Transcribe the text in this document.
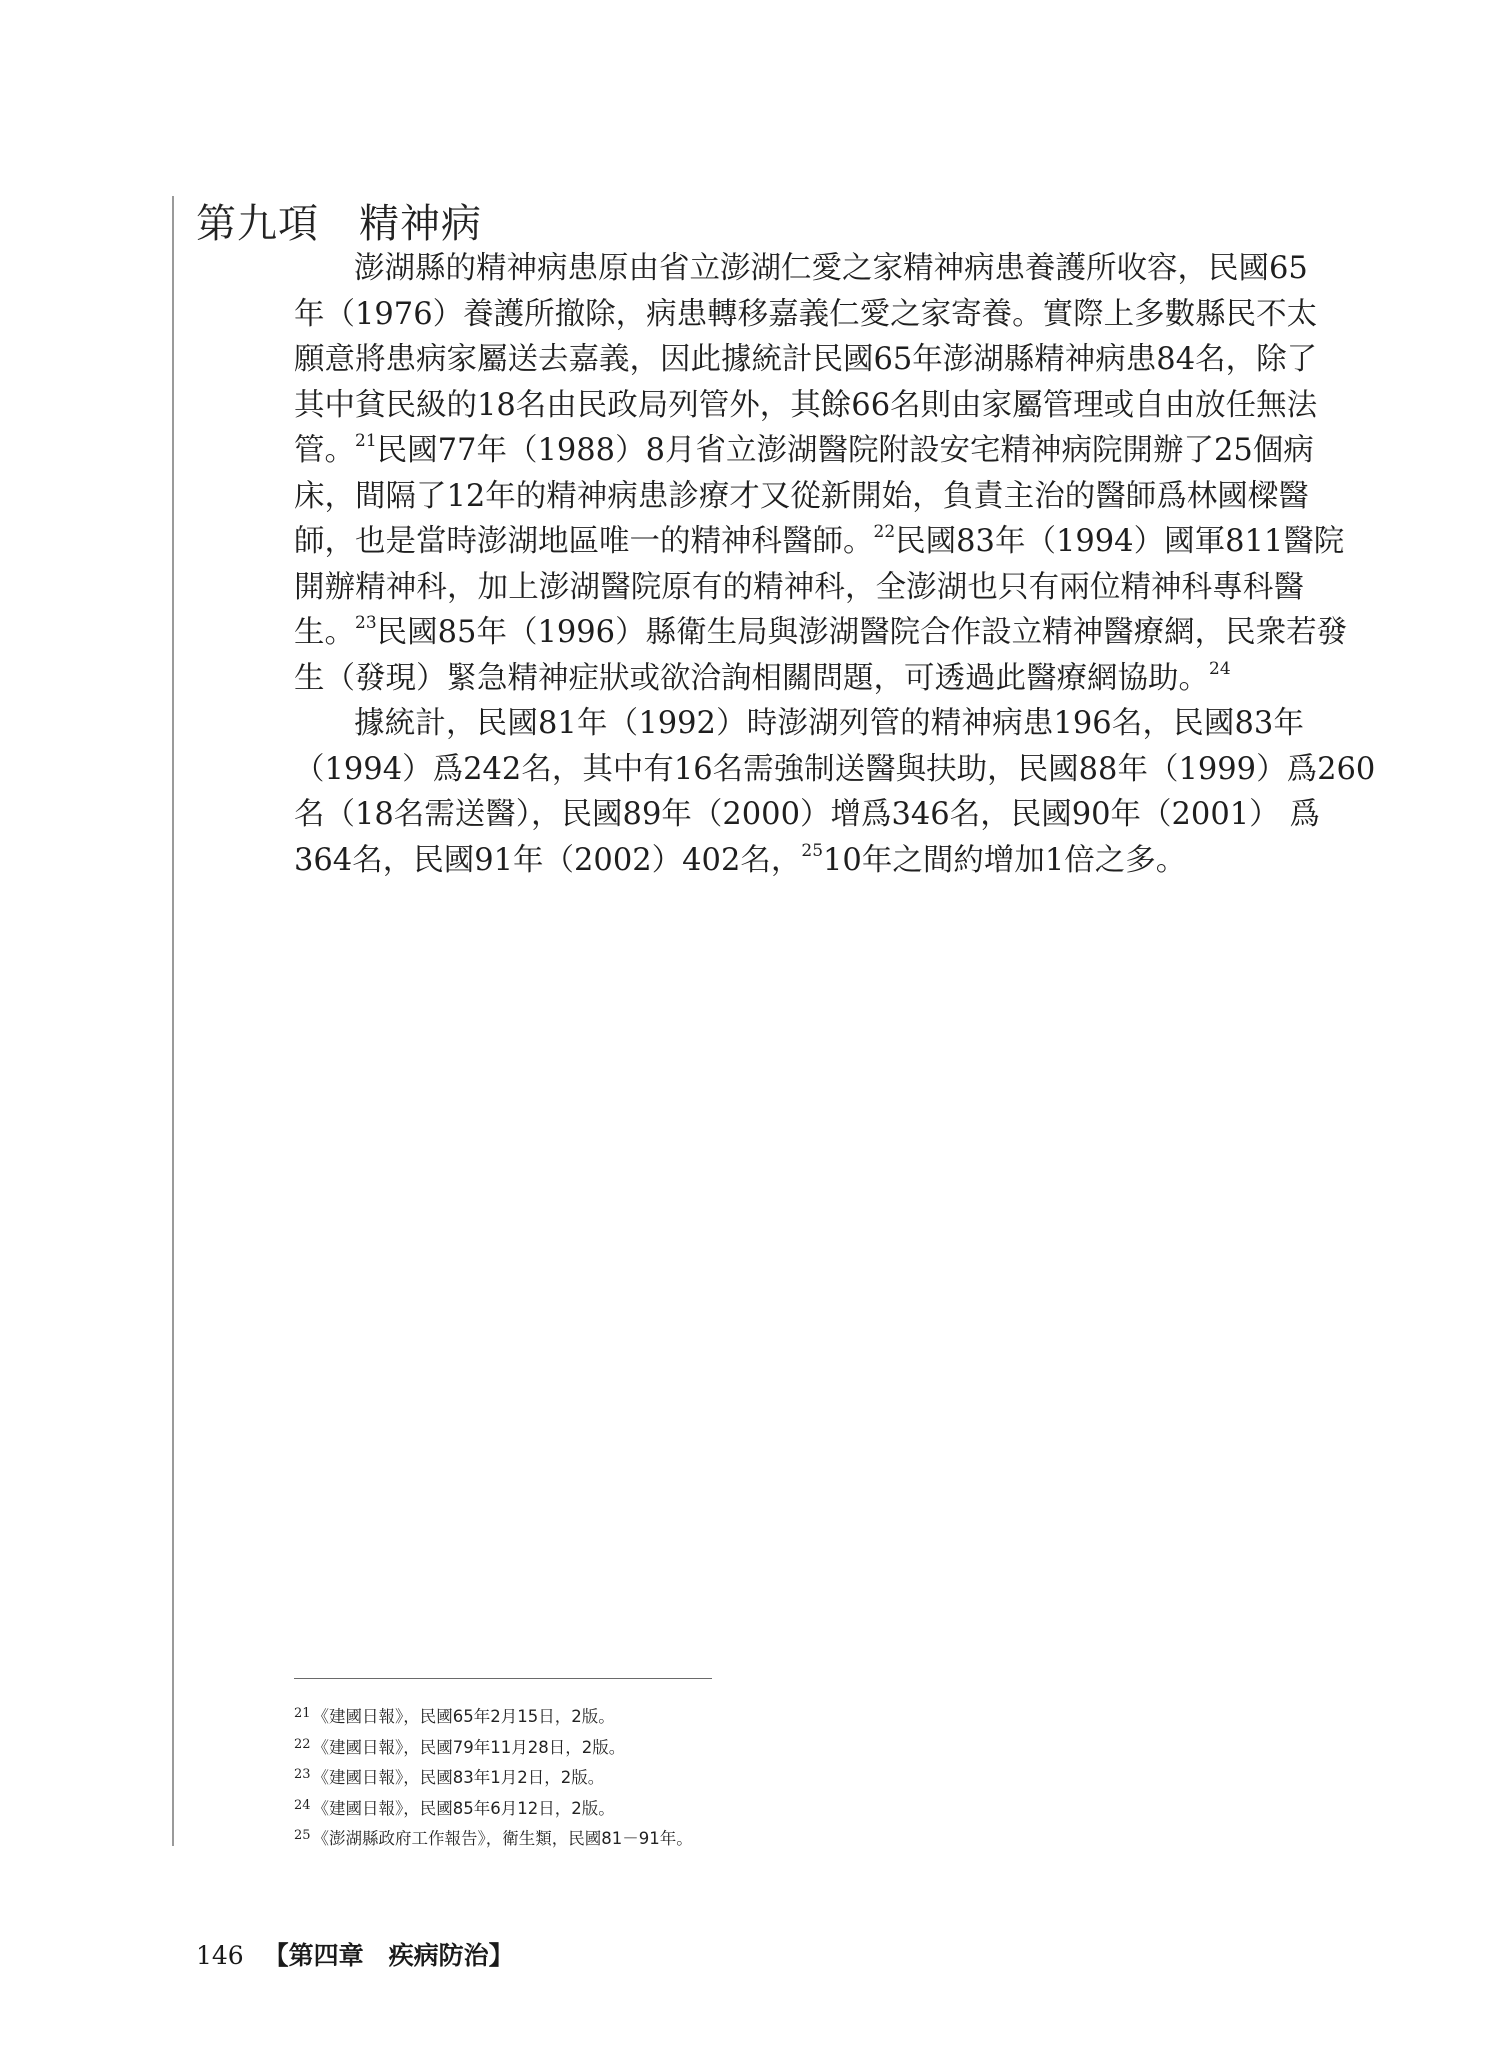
第九項 精神病

澎湖縣的精神病患原由省立澎湖仁愛之家精神病患養護所收容，民國65
年（1976）養護所撤除，病患轉移嘉義仁愛之家寄養。實際上多數縣民不太
願意將患病家屬送去嘉義，因此據統計民國65年澎湖縣精神病患84名，除了
其中貧民級的18名由民政局列管外，其餘66名則由家屬管理或自由放任無法
管。$^{21}$民國77年（1988）8月省立澎湖醫院附設安宅精神病院開辦了25個病
床，間隔了12年的精神病患診療才又從新開始，負責主治的醫師爲林國樑醫
師，也是當時澎湖地區唯一的精神科醫師。$^{22}$民國83年（1994）國軍811醫院
開辦精神科，加上澎湖醫院原有的精神科，全澎湖也只有兩位精神科專科醫
生。$^{23}$民國85年（1996）縣衛生局與澎湖醫院合作設立精神醫療網，民衆若發
生（發現）緊急精神症狀或欲洽詢相關問題，可透過此醫療網協助。$^{24}$

據統計，民國81年（1992）時澎湖列管的精神病患196名，民國83年
（1994）爲242名，其中有16名需強制送醫與扶助，民國88年（1999）爲260
名（18名需送醫），民國89年（2000）增爲346名，民國90年（2001） 爲
364名，民國91年（2002）402名，$^{25}$10年之間約增加1倍之多。

$^{21}$ 《建國日報》，民國65年2月15日，2版。
$^{22}$ 《建國日報》，民國79年11月28日，2版。
$^{23}$ 《建國日報》，民國83年1月2日，2版。
$^{24}$ 《建國日報》，民國85年6月12日，2版。
$^{25}$ 《澎湖縣政府工作報告》，衛生類，民國81－91年。
146 【第四章　疾病防治】
